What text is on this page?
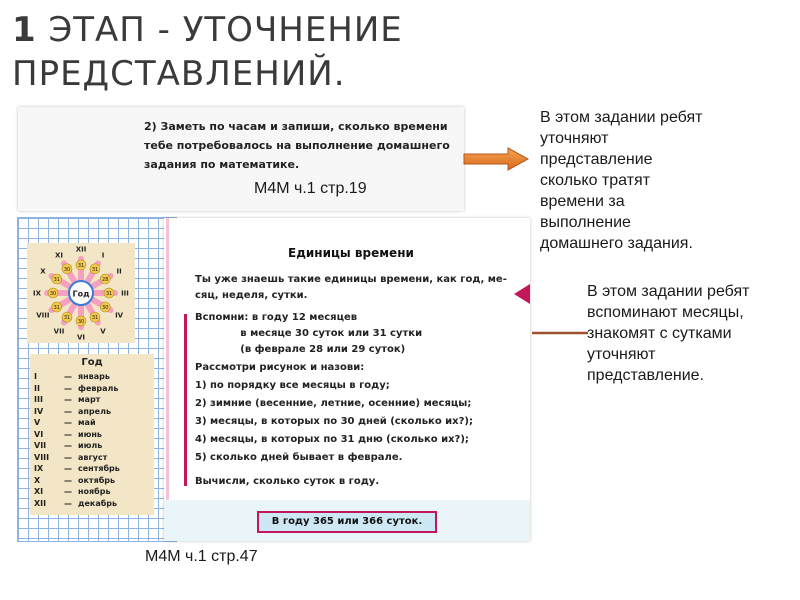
1 ЭТАП - УТОЧНЕНИЕ
ПРЕДСТАВЛЕНИЙ.
2) Заметь по часам и запиши, сколько времени тебе потребовалось на выполнение домашнего задания по математике.
М4М ч.1 стр.19
В этом задании ребят
уточняют
представление
сколько тратят
времени за
выполнение
домашнего задания.
Год
31
XII
31
I
28
II
31 III
30
IV
31
V
30
VI
31
VII
31
VIII
30
IX
31
X	30
XI
Год
I	— январь
II	— февраль
III	— март
IV	— апрель
V	— май
VI	— июнь
VII	— июль
VIII	— август
IX	— сентябрь
X	— октябрь
XI	— ноябрь
XII	— декабрь
Единицы времени
Ты уже знаешь такие единицы времени, как год, ме-
сяц, неделя, сутки.
Вспомни: в году 12 месяцев
в месяце 30 суток или 31 сутки
(в феврале 28 или 29 суток)
Рассмотри рисунок и назови:
1) по порядку все месяцы в году;
2) зимние (весенние, летние, осенние) месяцы;
3) месяцы, в которых по 30 дней (сколько их?);
4) месяцы, в которых по 31 дню (сколько их?);
5) сколько дней бывает в феврале.
Вычисли, сколько суток в году.
В году 365 или 366 суток.
В этом задании ребят
вспоминают месяцы,
знакомят с сутками
уточняют
представление.
М4М ч.1 стр.47
